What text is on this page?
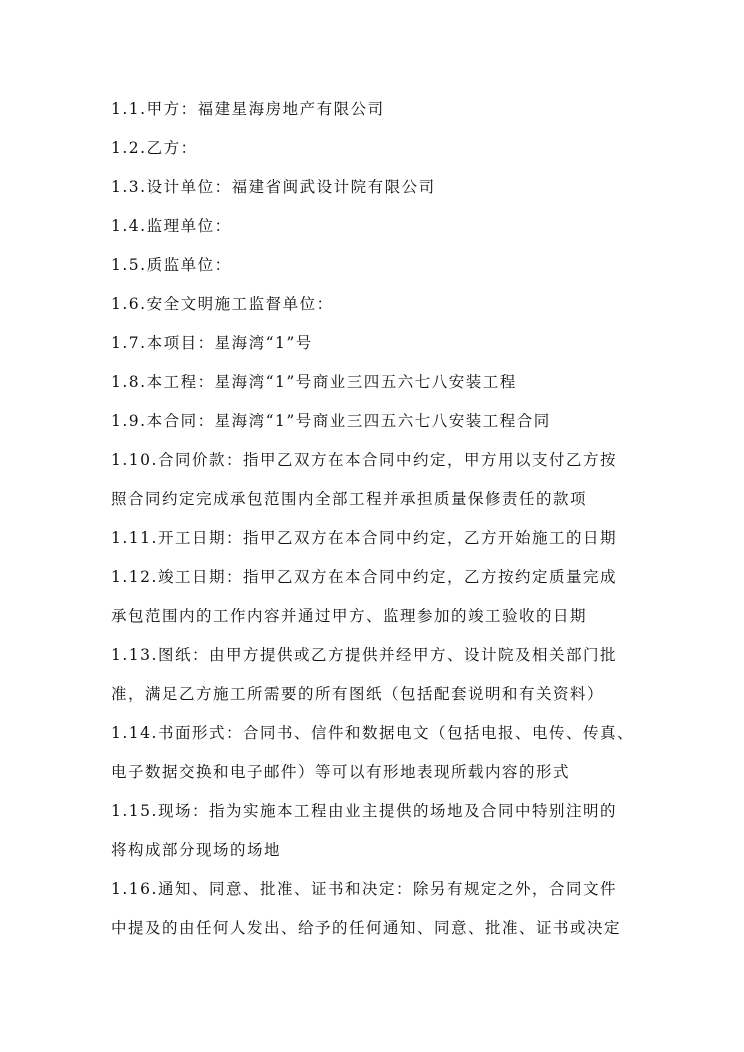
1.1.甲方：福建星海房地产有限公司
1.2.乙方：
1.3.设计单位：福建省闽武设计院有限公司
1.4.监理单位：
1.5.质监单位：
1.6.安全文明施工监督单位：
1.7.本项目：星海湾“1”号
1.8.本工程：星海湾“1”号商业三四五六七八安装工程
1.9.本合同：星海湾“1”号商业三四五六七八安装工程合同
1.10.合同价款：指甲乙双方在本合同中约定，甲方用以支付乙方按
照合同约定完成承包范围内全部工程并承担质量保修责任的款项
1.11.开工日期：指甲乙双方在本合同中约定，乙方开始施工的日期
1.12.竣工日期：指甲乙双方在本合同中约定，乙方按约定质量完成
承包范围内的工作内容并通过甲方、监理参加的竣工验收的日期
1.13.图纸：由甲方提供或乙方提供并经甲方、设计院及相关部门批
准，满足乙方施工所需要的所有图纸（包括配套说明和有关资料）
1.14.书面形式：合同书、信件和数据电文（包括电报、电传、传真、
电子数据交换和电子邮件）等可以有形地表现所载内容的形式
1.15.现场：指为实施本工程由业主提供的场地及合同中特别注明的
将构成部分现场的场地
1.16.通知、同意、批准、证书和决定：除另有规定之外，合同文件
中提及的由任何人发出、给予的任何通知、同意、批准、证书或决定
